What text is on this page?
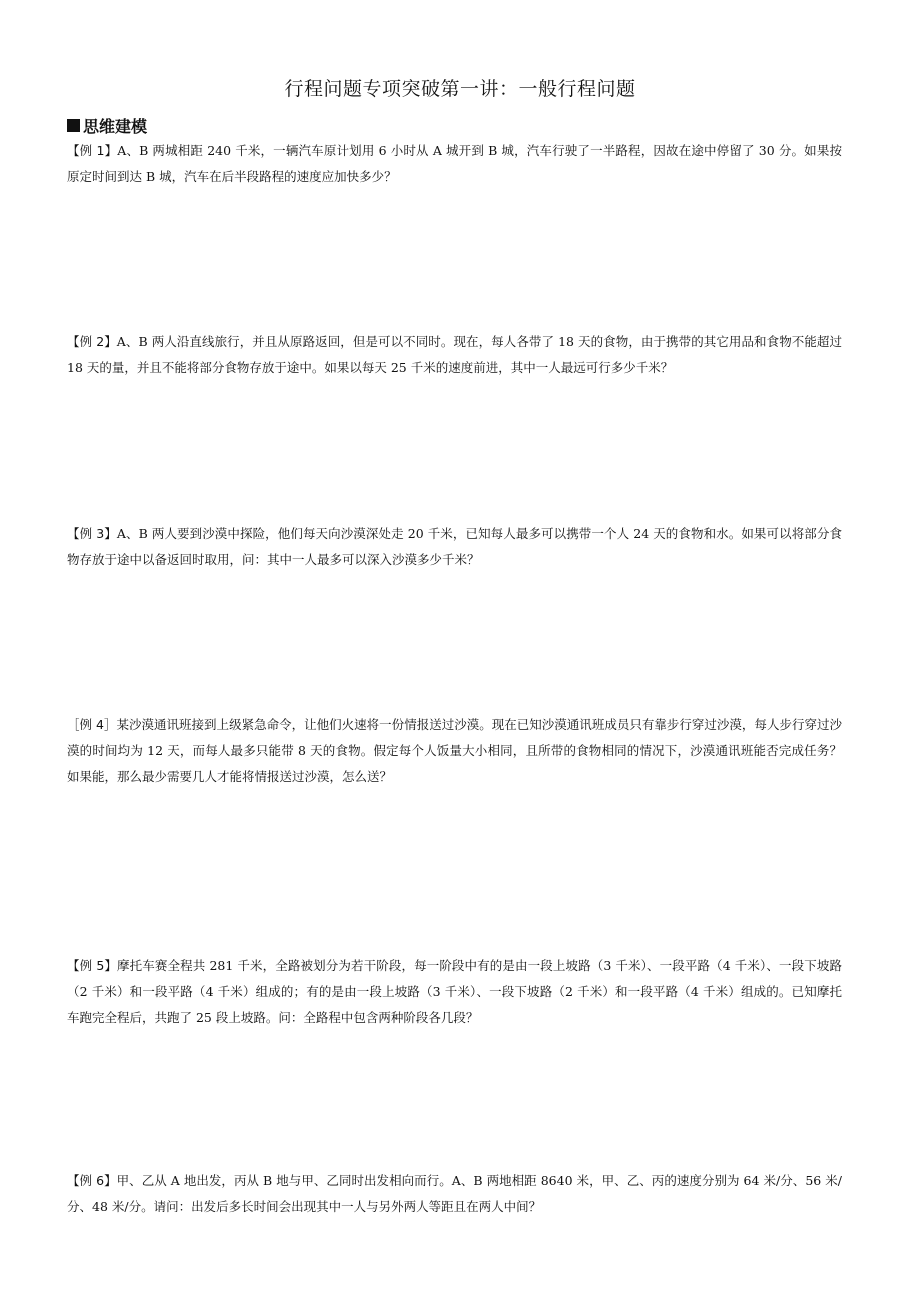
行程问题专项突破第一讲：一般行程问题
思维建模

【例 1】A、B 两城相距 240 千米，一辆汽车原计划用 6 小时从 A 城开到 B 城，汽车行驶了一半路程，因故在途中停留了 30 分。如果按原定时间到达 B 城，汽车在后半段路程的速度应加快多少？

【例 2】A、B 两人沿直线旅行，并且从原路返回，但是可以不同时。现在，每人各带了 18 天的食物，由于携带的其它用品和食物不能超过 18 天的量，并且不能将部分食物存放于途中。如果以每天 25 千米的速度前进，其中一人最远可行多少千米？

【例 3】A、B 两人要到沙漠中探险，他们每天向沙漠深处走 20 千米，已知每人最多可以携带一个人 24 天的食物和水。如果可以将部分食物存放于途中以备返回时取用，问：其中一人最多可以深入沙漠多少千米？

［例 4］某沙漠通讯班接到上级紧急命令，让他们火速将一份情报送过沙漠。现在已知沙漠通讯班成员只有靠步行穿过沙漠，每人步行穿过沙漠的时间均为 12 天，而每人最多只能带 8 天的食物。假定每个人饭量大小相同，且所带的食物相同的情况下，沙漠通讯班能否完成任务？如果能，那么最少需要几人才能将情报送过沙漠，怎么送？

【例 5】摩托车赛全程共 281 千米，全路被划分为若干阶段，每一阶段中有的是由一段上坡路（3 千米）、一段平路（4 千米）、一段下坡路（2 千米）和一段平路（4 千米）组成的；有的是由一段上坡路（3 千米）、一段下坡路（2 千米）和一段平路（4 千米）组成的。已知摩托车跑完全程后，共跑了 25 段上坡路。问：全路程中包含两种阶段各几段？

【例 6】甲、乙从 A 地出发，丙从 B 地与甲、乙同时出发相向而行。A、B 两地相距 8640 米，甲、乙、丙的速度分别为 64 米/分、56 米/分、48 米/分。请问：出发后多长时间会出现其中一人与另外两人等距且在两人中间？
